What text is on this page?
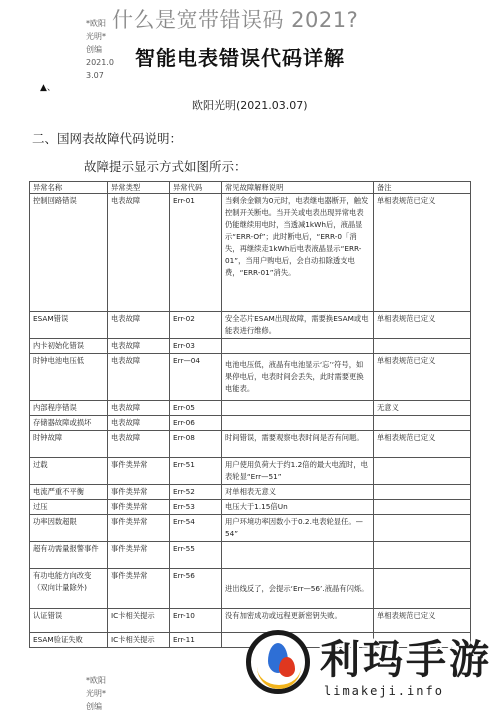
什么是宽带错误码 2021?
*欧阳
光明*
创编
2021.0
3.07
智能电表错误代码详解
▲、
欧阳光明(2021.03.07)
二、国网表故障代码说明：
故障提示显示方式如图所示：
异常名称	异常类型	异常代码	常见故障解释说明	备注
控制回路错误	电表故障	Err-01	当剩余金额为0元时，电表继电器断开，触发控制开关断电。当开关或电表出现异常电表仍能继续用电时，当透减1kWh后，液晶显示“ERR-Of”；此时断电后，“ERR-0「消失，再继续走1kWh后电表液晶显示“ERR-01”，当用户购电后，会自动扣除透支电费，“ERR-01”消失。	单相表规范已定义
ESAM错误	电表故障	Err-02	安全芯片ESAM出现故障，需要换ESAM或电能表进行维修。	单相表规范已定义
内卡初始化错误	电表故障	Err-03		
时钟电池电压低	电表故障	Err—04	电池电压低，液晶有电池显示‘忘’‘符号，如果停电后，电表时间会丢失，此时需要更换电能表。	单相表规范已定义
内部程序错误	电表故障	Err-05		无意义
存储器故障或损坏	电表故障	Err-06		
时钟故障	电表故障	Err-08	时间错误，需要观察电表时间是否有问题。	单相表规范已定义
过载	事件类异常	Err-51	用户使用负荷大于约1.2倍的最大电流时，电表轮显“Err—51”	
电流严重不平衡	事件类异常	Err-52	对单相表无意义	
过压	事件类异常	Err-53	电压大于1.15倍Un	
功率因数超限	事件类异常	Err-54	用户环境功率因数小于0.2.电表轮显任。—54”	
超有功需量报警事件	事件类异常	Err-55		
有功电能方向改变（双向计量除外)	事件类异常	Err-56	进出线反了，会提示‘Err—56’.液晶有闪烁。	
认证错误	IC卡相关提示	Err-10	没有加密成功或远程更新密钥失败。	单相表规范已定义
ESAM验证失败	IC卡相关提示	Err-11		
*欧阳
光明*
创编
利玛手游
limakeji.info
